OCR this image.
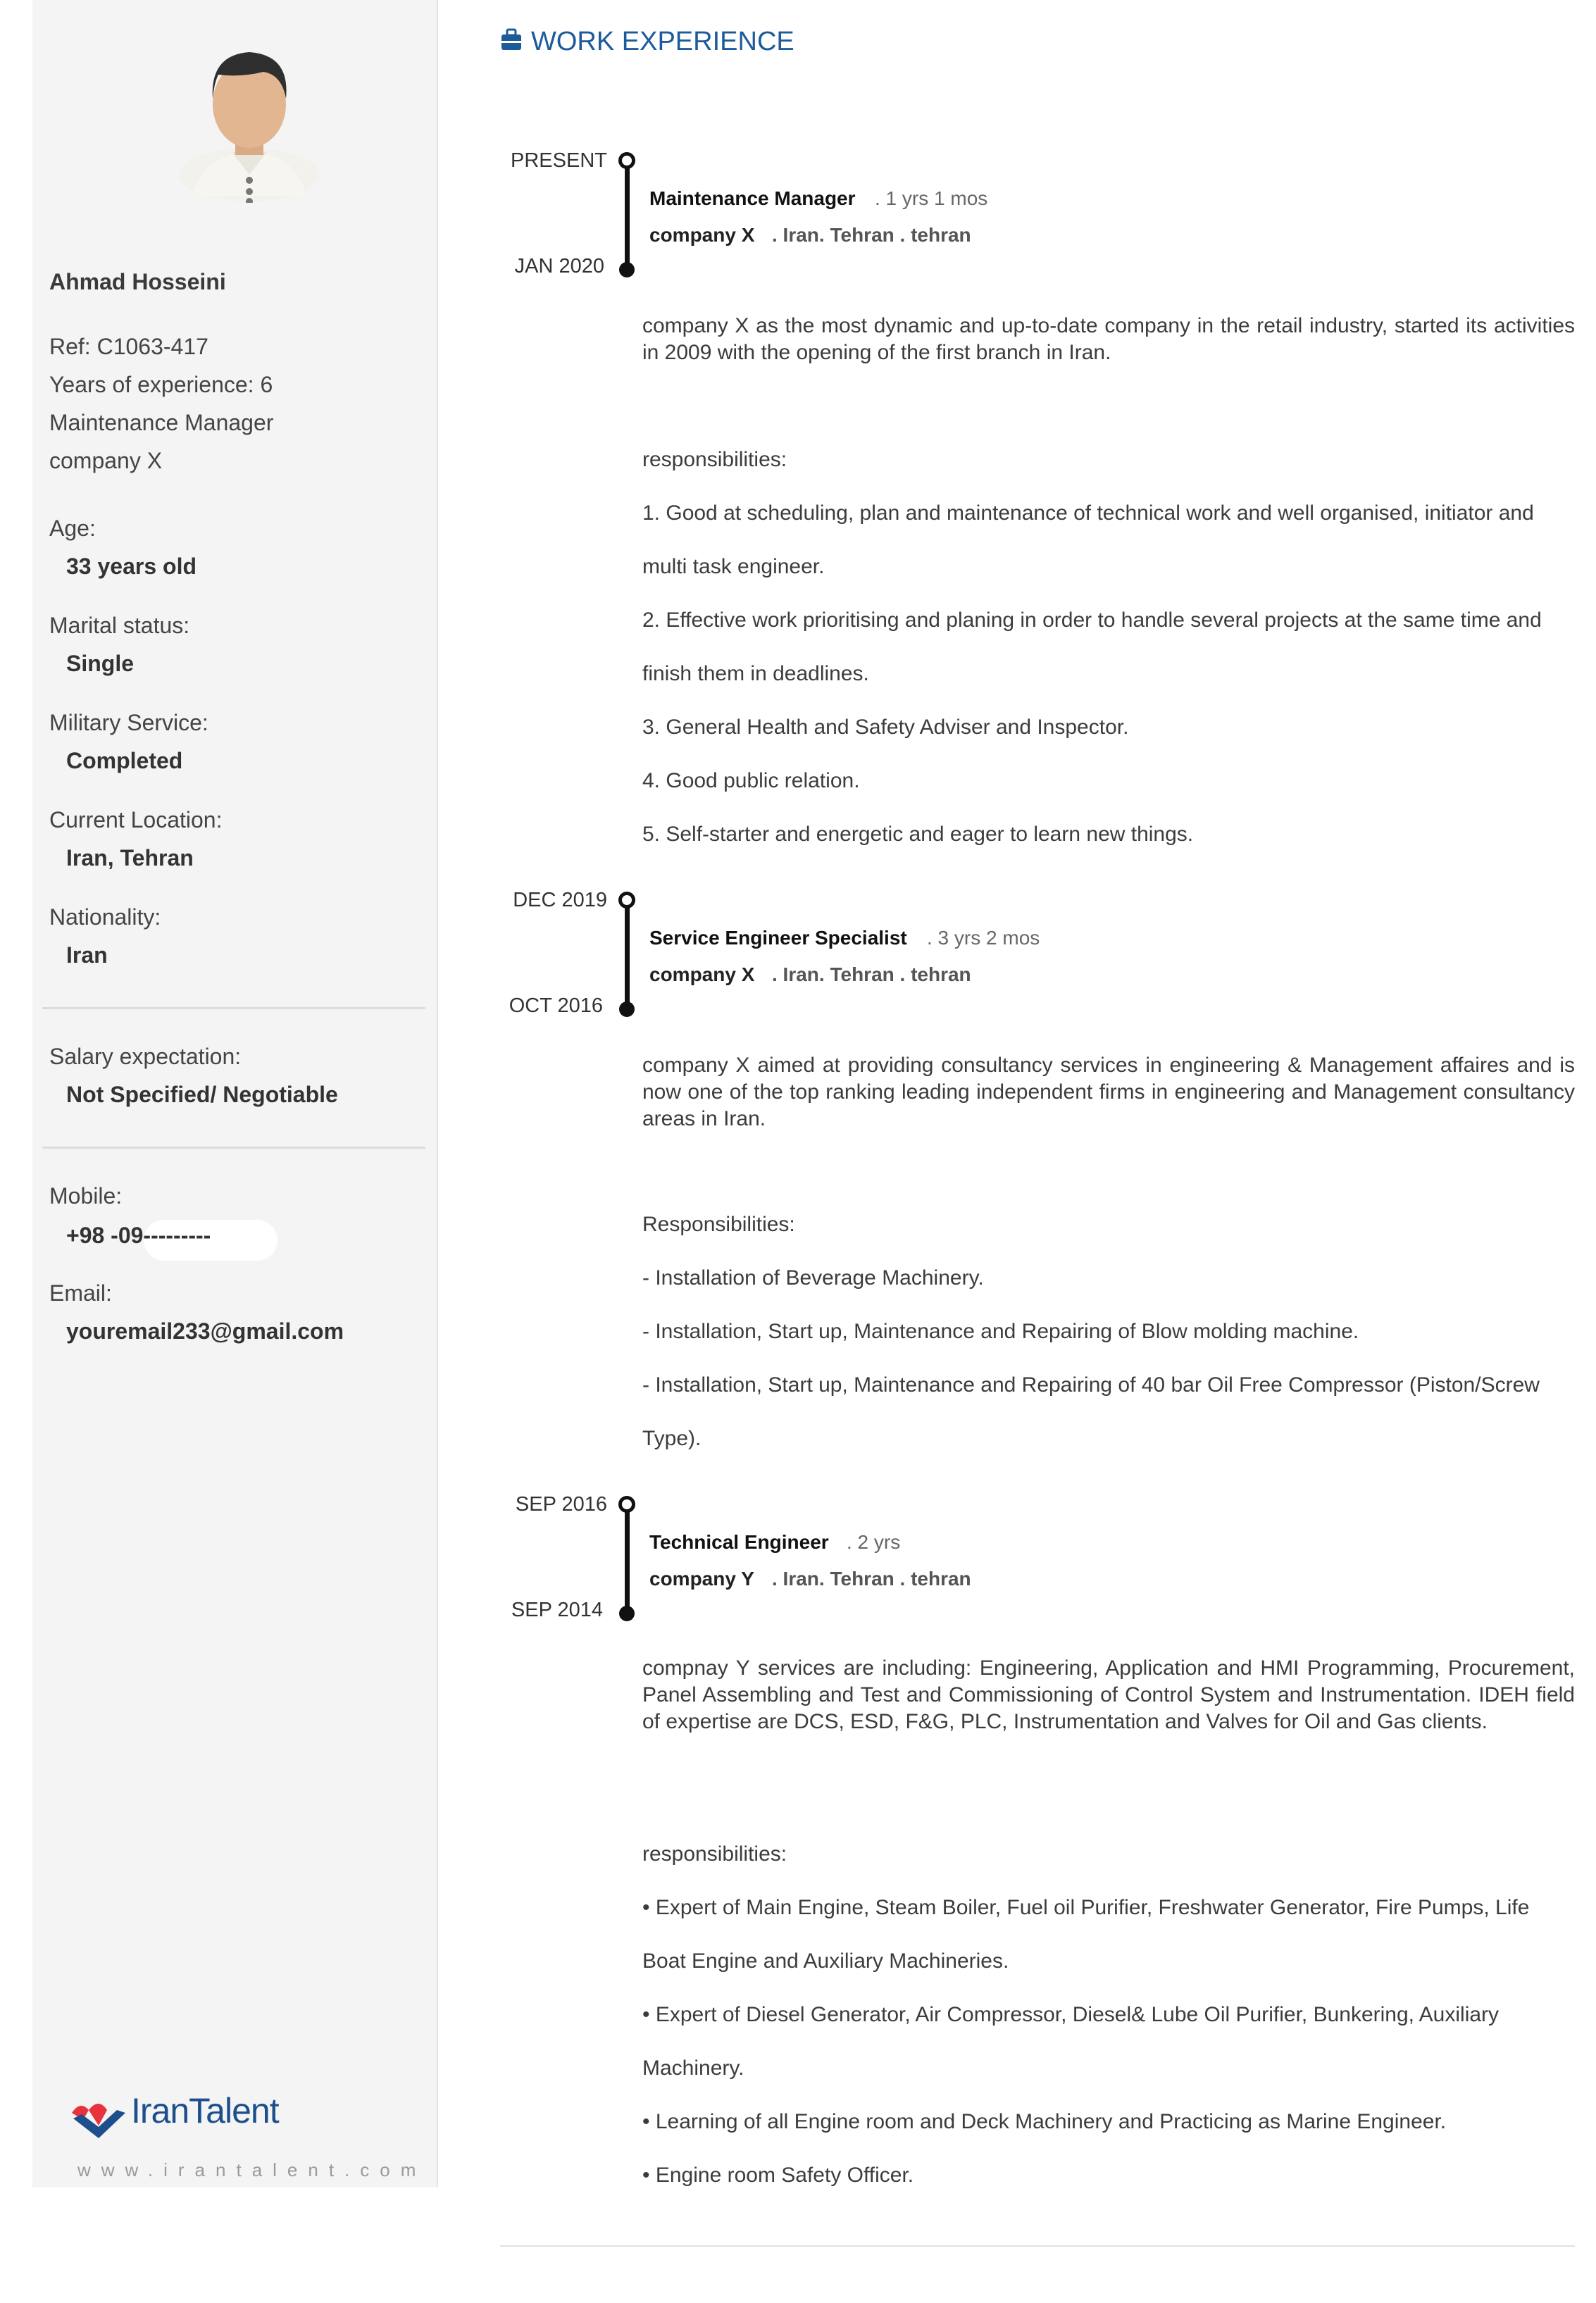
Ahmad Hosseini
Ref: C1063-417
Years of experience: 6
Maintenance Manager
company X
Age:
33 years old
Marital status:
Single
Military Service:
Completed
Current Location:
Iran, Tehran
Nationality:
Iran
Salary expectation:
Not Specified/ Negotiable
Mobile:
+98 -09---------
Email:
youremail233@gmail.com
IranTalent
www.irantalent.com
WORK EXPERIENCE
PRESENT
JAN 2020
Maintenance Manager . 1 yrs 1 mos
company X . Iran. Tehran . tehran
company X as the most dynamic and up-to-date company in the retail industry, started its activities in 2009 with the opening of the first branch in Iran.
responsibilities:
1. Good at scheduling, plan and maintenance of technical work and well organised, initiator and
multi task engineer.
2. Effective work prioritising and planing in order to handle several projects at the same time and
finish them in deadlines.
3. General Health and Safety Adviser and Inspector.
4. Good public relation.
5. Self-starter and energetic and eager to learn new things.
DEC 2019
OCT 2016
Service Engineer Specialist . 3 yrs 2 mos
company X . Iran. Tehran . tehran
company X aimed at providing consultancy services in engineering & Management affaires and is now one of the top ranking leading independent firms in engineering and Management consultancy areas in Iran.
Responsibilities:
- Installation of Beverage Machinery.
- Installation, Start up, Maintenance and Repairing of Blow molding machine.
- Installation, Start up, Maintenance and Repairing of 40 bar Oil Free Compressor (Piston/Screw
Type).
SEP 2016
SEP 2014
Technical Engineer . 2 yrs
company Y . Iran. Tehran . tehran
compnay Y services are including: Engineering, Application and HMI Programming, Procurement, Panel Assembling and Test and Commissioning of Control System and Instrumentation. IDEH field of expertise are DCS, ESD, F&G, PLC, Instrumentation and Valves for Oil and Gas clients.
responsibilities:
• Expert of Main Engine, Steam Boiler, Fuel oil Purifier, Freshwater Generator, Fire Pumps, Life
Boat Engine and Auxiliary Machineries.
• Expert of Diesel Generator, Air Compressor, Diesel& Lube Oil Purifier, Bunkering, Auxiliary
Machinery.
• Learning of all Engine room and Deck Machinery and Practicing as Marine Engineer.
• Engine room Safety Officer.
